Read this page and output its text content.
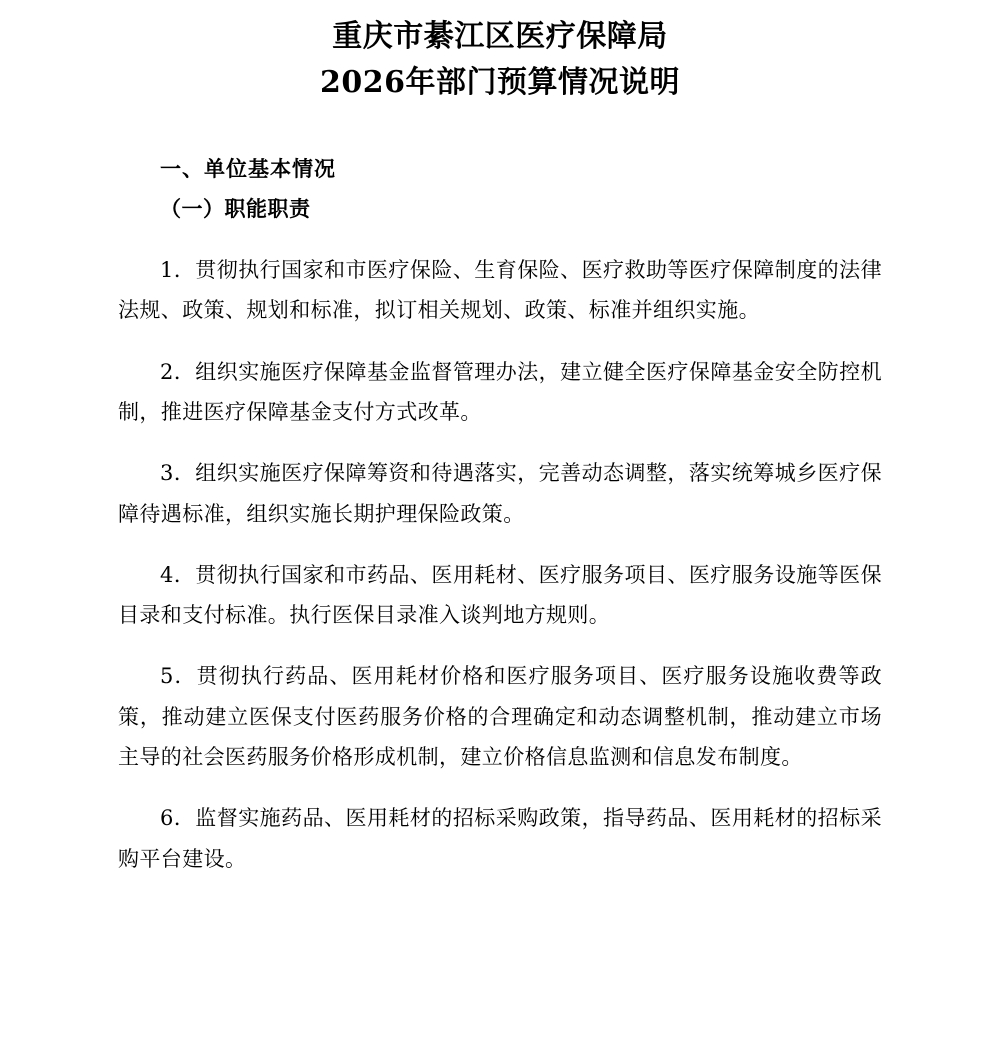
重庆市綦江区医疗保障局
2026年部门预算情况说明
一、单位基本情况
（一）职能职责

1．贯彻执行国家和市医疗保险、生育保险、医疗救助等医疗保障制度的法律法规、政策、规划和标准，拟订相关规划、政策、标准并组织实施。

2．组织实施医疗保障基金监督管理办法，建立健全医疗保障基金安全防控机制，推进医疗保障基金支付方式改革。

3．组织实施医疗保障筹资和待遇落实，完善动态调整，落实统筹城乡医疗保障待遇标准，组织实施长期护理保险政策。

4．贯彻执行国家和市药品、医用耗材、医疗服务项目、医疗服务设施等医保目录和支付标准。执行医保目录准入谈判地方规则。

5．贯彻执行药品、医用耗材价格和医疗服务项目、医疗服务设施收费等政策，推动建立医保支付医药服务价格的合理确定和动态调整机制，推动建立市场主导的社会医药服务价格形成机制，建立价格信息监测和信息发布制度。

6．监督实施药品、医用耗材的招标采购政策，指导药品、医用耗材的招标采购平台建设。
